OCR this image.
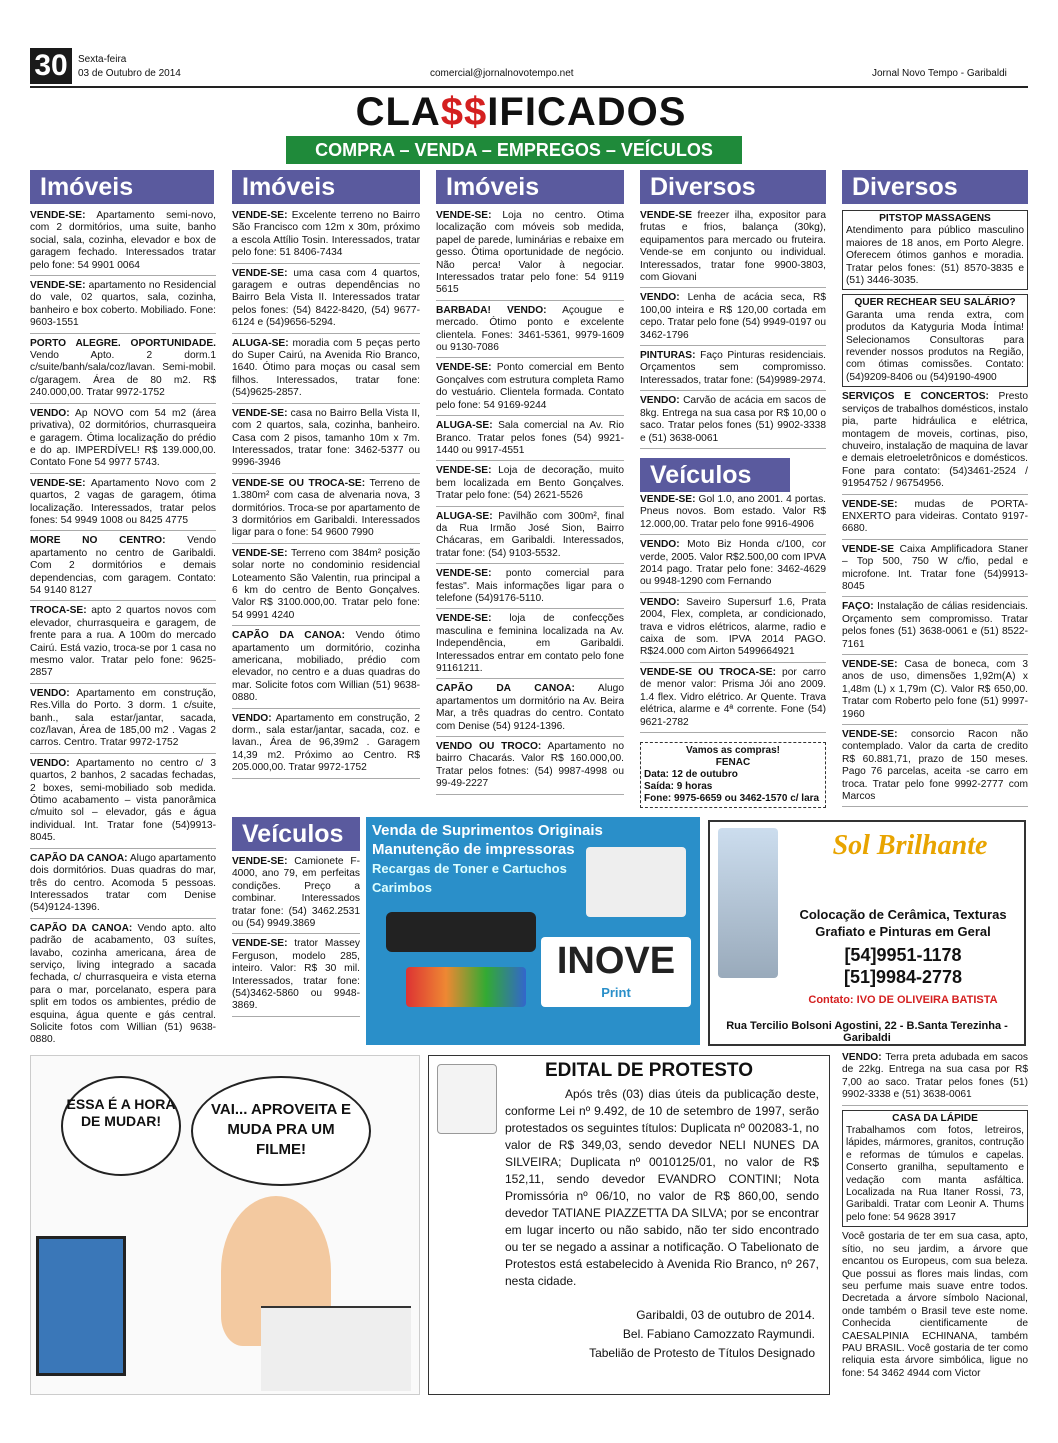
30	Sexta-feira
03 de Outubro de 2014	comercial@jornalnovotempo.net	Jornal Novo Tempo - Garibaldi
CLA$$IFICADOS
COMPRA – VENDA – EMPREGOS – VEÍCULOS
Imóveis	Imóveis	Imóveis	Diversos	Diversos

VENDE-SE: Apartamento semi-novo, com 2 dormitórios, uma suite, banho social, sala, cozinha, elevador e box de garagem fechado. Interessados tratar pelo fone: 54 9901 0064

VENDE-SE: apartamento no Residencial do vale, 02 quartos, sala, cozinha, banheiro e box coberto. Mobiliado. Fone: 9603-1551

PORTO ALEGRE. OPORTUNIDADE. Vendo Apto. 2 dorm.1 c/suite/banh/sala/coz/lavan. Semi-mobil. c/garagem. Área de 80 m2. R$ 240.000,00. Tratar 9972-1752

VENDO: Ap NOVO com 54 m2 (área privativa), 02 dormitórios, churrasqueira e garagem. Ótima localização do prédio e do ap. IMPERDÍVEL! R$ 139.000,00. Contato Fone 54 9977 5743.

VENDE-SE: Apartamento Novo com 2 quartos, 2 vagas de garagem, ótima localização. Interessados, tratar pelos fones: 54 9949 1008 ou 8425 4775

MORE NO CENTRO: Vendo apartamento no centro de Garibaldi. Com 2 dormitórios e demais dependencias, com garagem. Contato: 54 9140 8127

TROCA-SE: apto 2 quartos novos com elevador, churrasqueira e garagem, de frente para a rua. A 100m do mercado Cairú. Está vazio, troca-se por 1 casa no mesmo valor. Tratar pelo fone: 9625-2857

VENDO: Apartamento em construção, Res.Villa do Porto. 3 dorm. 1 c/suite, banh., sala estar/jantar, sacada, coz/lavan, Área de 185,00 m2 . Vagas 2 carros. Centro. Tratar 9972-1752

VENDO: Apartamento no centro c/ 3 quartos, 2 banhos, 2 sacadas fechadas, 2 boxes, semi-mobiliado sob medida. Ótimo acabamento – vista panorâmica c/muito sol – elevador, gás e água individual. Int. Tratar fone (54)9913-8045.

CAPÃO DA CANOA: Alugo apartamento dois dormitórios. Duas quadras do mar, três do centro. Acomoda 5 pessoas. Interessados tratar com Denise (54)9124-1396.

CAPÃO DA CANOA: Vendo apto. alto padrão de acabamento, 03 suítes, lavabo, cozinha americana, área de serviço, living integrado a sacada fechada, c/ churrasqueira e vista eterna para o mar, porcelanato, espera para split em todos os ambientes, prédio de esquina, água quente e gás central. Solicite fotos com Willian (51) 9638-0880.

VENDE-SE: Excelente terreno no Bairro São Francisco com 12m x 30m, próximo a escola Attílio Tosin. Interessados, tratar pelo fone: 51 8406-7434

VENDE-SE: uma casa com 4 quartos, garagem e outras dependências no Bairro Bela Vista II. Interessados tratar pelos fones: (54) 8422-8420, (54) 9677-6124 e (54)9656-5294.

ALUGA-SE: moradia com 5 peças perto do Super Cairú, na Avenida Rio Branco, 1640. Ótimo para moças ou casal sem filhos. Interessados, tratar fone: (54)9625-2857.

VENDE-SE: casa no Bairro Bella Vista II, com 2 quartos, sala, cozinha, banheiro. Casa com 2 pisos, tamanho 10m x 7m. Interessados, tratar fone: 3462-5377 ou 9996-3946

VENDE-SE OU TROCA-SE: Terreno de 1.380m² com casa de alvenaria nova, 3 dormitórios. Troca-se por apartamento de 3 dormitórios em Garibaldi. Interessados ligar para o fone: 54 9600 7990

VENDE-SE: Terreno com 384m² posição solar norte no condominio residencial Loteamento São Valentin, rua principal a 6 km do centro de Bento Gonçalves. Valor R$ 3100.000,00. Tratar pelo fone: 54 9991 4240

CAPÃO DA CANOA: Vendo ótimo apartamento um dormitório, cozinha americana, mobiliado, prédio com elevador, no centro e a duas quadras do mar. Solicite fotos com Willian (51) 9638-0880.

VENDO: Apartamento em construção, 2 dorm., sala estar/jantar, sacada, coz. e lavan., Área de 96,39m2 . Garagem 14,39 m2. Próximo ao Centro. R$ 205.000,00. Tratar 9972-1752

VENDE-SE: Loja no centro. Ótima localização com móveis sob medida, papel de parede, luminárias e rebaixe em gesso. Ótima oportunidade de negócio. Não perca! Valor à negociar. Interessados tratar pelo fone: 54 9119 5615

BARBADA! VENDO: Açougue e mercado. Ótimo ponto e excelente clientela. Fones: 3461-5361, 9979-1609 ou 9130-7086

VENDE-SE: Ponto comercial em Bento Gonçalves com estrutura completa Ramo do vestuário. Clientela formada. Contato pelo fone: 54 9169-9244

ALUGA-SE: Sala comercial na Av. Rio Branco. Tratar pelos fones (54) 9921-1440 ou 9917-4551

VENDE-SE: Loja de decoração, muito bem localizada em Bento Gonçalves. Tratar pelo fone: (54) 2621-5526

ALUGA-SE: Pavilhão com 300m², final da Rua Irmão José Sion, Bairro Chácaras, em Garibaldi. Interessados, tratar fone: (54) 9103-5532.

VENDE-SE: ponto comercial para festas". Mais informações ligar para o telefone (54)9176-5110.

VENDE-SE: loja de confecções masculina e feminina localizada na Av. Independência, em Garibaldi. Interessados entrar em contato pelo fone 91161211.

CAPÃO DA CANOA: Alugo apartamentos um dormitório na Av. Beira Mar, a três quadras do centro. Contato com Denise (54) 9124-1396.

VENDO OU TROCO: Apartamento no bairro Chacarás. Valor R$ 160.000,00. Tratar pelos fotnes: (54) 9987-4998 ou 99-49-2227

VENDE-SE freezer ilha, expositor para frutas e frios, balança (30kg), equipamentos para mercado ou fruteira. Vende-se em conjunto ou individual. Interessados, tratar fone 9900-3803, com Giovani

VENDO: Lenha de acácia seca, R$ 100,00 inteira e R$ 120,00 cortada em cepo. Tratar pelo fone (54) 9949-0197 ou 3462-1796

PINTURAS: Faço Pinturas residenciais. Orçamentos sem compromisso. Interessados, tratar fone: (54)9989-2974.

VENDO: Carvão de acácia em sacos de 8kg. Entrega na sua casa por R$ 10,00 o saco. Tratar pelos fones (51) 9902-3338 e (51) 3638-0061

Veículos

VENDE-SE: Gol 1.0, ano 2001. 4 portas. Pneus novos. Bom estado. Valor R$ 12.000,00. Tratar pelo fone 9916-4906

VENDO: Moto Biz Honda c/100, cor verde, 2005. Valor R$2.500,00 com IPVA 2014 pago. Tratar pelo fone: 3462-4629 ou 9948-1290 com Fernando

VENDO: Saveiro Supersurf 1.6, Prata 2004, Flex, completa, ar condicionado, trava e vidros elétricos, alarme, radio e caixa de som. IPVA 2014 PAGO. R$24.000 com Airton 5499664921

VENDE-SE OU TROCA-SE: por carro de menor valor: Prisma Jói ano 2009. 1.4 flex. Vidro elétrico. Ar Quente. Trava elétrica, alarme e 4ª corrente. Fone (54) 9621-2782

Vamos as compras!
FENAC
Data: 12 de outubro
Saída: 9 horas
Fone: 9975-6659 ou 3462-1570 c/ lara
PITSTOP MASSAGENS
Atendimento para público masculino maiores de 18 anos, em Porto Alegre. Oferecem ótimos ganhos e moradia. Tratar pelos fones: (51) 8570-3835 e (51) 3446-3035.
QUER RECHEAR SEU SALÁRIO?
Garanta uma renda extra, com produtos da Katyguria Moda Íntima! Selecionamos Consultoras para revender nossos produtos na Região, com ótimas comissões. Contato: (54)9209-8406 ou (54)9190-4900

SERVIÇOS E CONCERTOS: Presto serviços de trabalhos domésticos, instalo pia, parte hidráulica e elétrica, montagem de moveis, cortinas, piso, chuveiro, instalação de maquina de lavar e demais eletroeletrônicos e domésticos. Fone para contato: (54)3461-2524 / 91954752 / 96754956.

VENDE-SE: mudas de PORTA-ENXERTO para videiras. Contato 9197-6680.

VENDE-SE Caixa Amplificadora Staner – Top 500, 750 W c/fio, pedal e microfone. Int. Tratar fone (54)9913-8045

FAÇO: Instalação de cálias residenciais. Orçamento sem compromisso. Tratar pelos fones (51) 3638-0061 e (51) 8522-7161

VENDE-SE: Casa de boneca, com 3 anos de uso, dimensões 1,92m(A) x 1,48m (L) x 1,79m (C). Valor R$ 650,00. Tratar com Roberto pelo fone (51) 9997-1960

VENDE-SE: consorcio Racon não contemplado. Valor da carta de credito R$ 60.881,71, prazo de 150 meses. Pago 76 parcelas, aceita -se carro em troca. Tratar pelo fone 9992-2777 com Marcos

Veículos

VENDE-SE: Camionete F-4000, ano 79, em perfeitas condições. Preço a combinar. Interessados tratar fone: (54) 3462.2531 ou (54) 9949.3869

VENDE-SE: trator Massey Ferguson, modelo 285, inteiro. Valor: R$ 30 mil. Interessados, tratar fone: (54)3462-5860 ou 9948-3869.

Venda de Suprimentos Originais
Manutenção de impressoras
Recargas de Toner e Cartuchos
Carimbos
INOVE
Print
Sol Brilhante
Colocação de Cerâmica, Texturas
Grafiato e Pinturas em Geral
[54]9951-1178
[51]9984-2778
Contato: IVO DE OLIVEIRA BATISTA
Rua Tercilio Bolsoni Agostini, 22 - B.Santa Terezinha - Garibaldi

VENDO: Terra preta adubada em sacos de 22kg. Entrega na sua casa por R$ 7,00 ao saco. Tratar pelos fones (51) 9902-3338 e (51) 3638-0061

CASA DA LÁPIDE
Trabalhamos com fotos, letreiros, lápides, mármores, granitos, contrução e reformas de túmulos e capelas. Conserto granilha, sepultamento e vedação com manta asfáltica. Localizada na Rua Itaner Rossi, 73, Garibaldi. Tratar com Leonir A. Thums pelo fone: 54 9628 3917
Você gostaria de ter em sua casa, apto, sítio, no seu jardim, a árvore que encantou os Europeus, com sua beleza. Que possui as flores mais lindas, com seu perfume mais suave entre todos. Decretada a árvore símbolo Nacional, onde também o Brasil teve este nome. Conhecida cientificamente de CAESALPINIA ECHINANA, também PAU BRASIL. Você gostaria de ter como reliquia esta árvore simbólica, ligue no fone: 54 3462 4944 com Victor
ESSA É A HORA DE MUDAR!
VAI... APROVEITA E MUDA PRA UM FILME!
EDITAL DE PROTESTO
Após três (03) dias úteis da publicação deste, conforme Lei nº 9.492, de 10 de setembro de 1997, serão protestados os seguintes títulos: Duplicata nº 002083-1, no valor de R$ 349,03, sendo devedor NELI NUNES DA SILVEIRA; Duplicata nº 0010125/01, no valor de R$ 152,11, sendo devedor EVANDRO CONTINI; Nota Promissória nº 06/10, no valor de R$ 860,00, sendo devedor TATIANE PIAZZETTA DA SILVA; por se encontrar em lugar incerto ou não sabido, não ter sido encontrado ou ter se negado a assinar a notificação. O Tabelionato de Protestos está estabelecido à Avenida Rio Branco, nº 267, nesta cidade.
Garibaldi, 03 de outubro de 2014.
Bel. Fabiano Camozzato Raymundi.
Tabelião de Protesto de Títulos Designado
